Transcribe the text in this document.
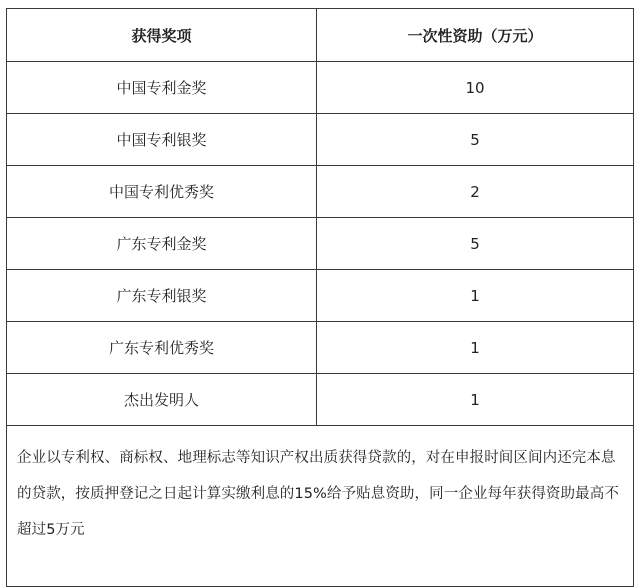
获得奖项	一次性资助（万元）
中国专利金奖	10
中国专利银奖	5
中国专利优秀奖	2
广东专利金奖	5
广东专利银奖	1
广东专利优秀奖	1
杰出发明人	1
企业以专利权、商标权、地理标志等知识产权出质获得贷款的，对在申报时间区间内还完本息的贷款，按质押登记之日起计算实缴利息的15%给予贴息资助，同一企业每年获得资助最高不超过5万元	
